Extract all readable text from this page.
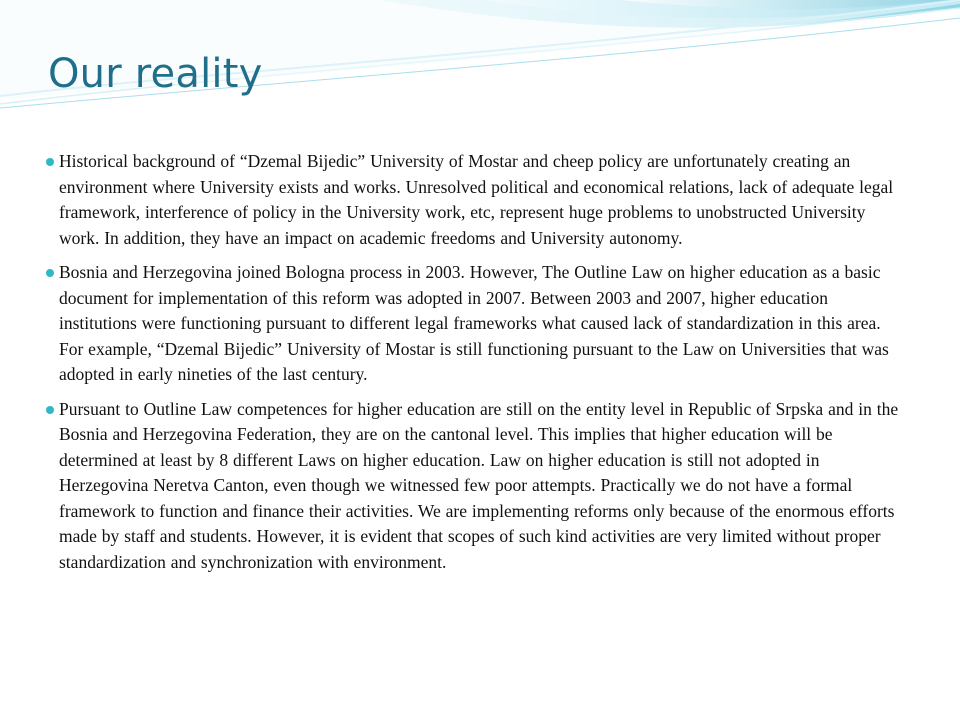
Our reality
Historical background of “Dzemal Bijedic” University of Mostar and cheep policy are unfortunately creating an environment where University exists and works. Unresolved political and economical relations, lack of adequate legal framework, interference of policy in the University work, etc, represent huge problems to unobstructed University work. In addition, they have an impact on academic freedoms and University autonomy.
Bosnia and Herzegovina joined Bologna process in 2003. However, The Outline Law on higher education as a basic document for implementation of this reform was adopted in 2007. Between 2003 and 2007, higher education institutions were functioning pursuant to different legal frameworks what caused lack of standardization in this area. For example, “Dzemal Bijedic” University of Mostar is still functioning pursuant to the Law on Universities that was adopted in early nineties of the last century.
Pursuant to Outline Law competences for higher education are still on the entity level in Republic of Srpska and in the Bosnia and Herzegovina Federation, they are on the cantonal level. This implies that higher education will be determined at least by 8 different Laws on higher education. Law on higher education is still not adopted in Herzegovina Neretva Canton, even though we witnessed few poor attempts. Practically we do not have a formal framework to function and finance their activities. We are implementing reforms only because of the enormous efforts made by staff and students. However, it is evident that scopes of such kind activities are very limited without proper standardization and synchronization with environment.
